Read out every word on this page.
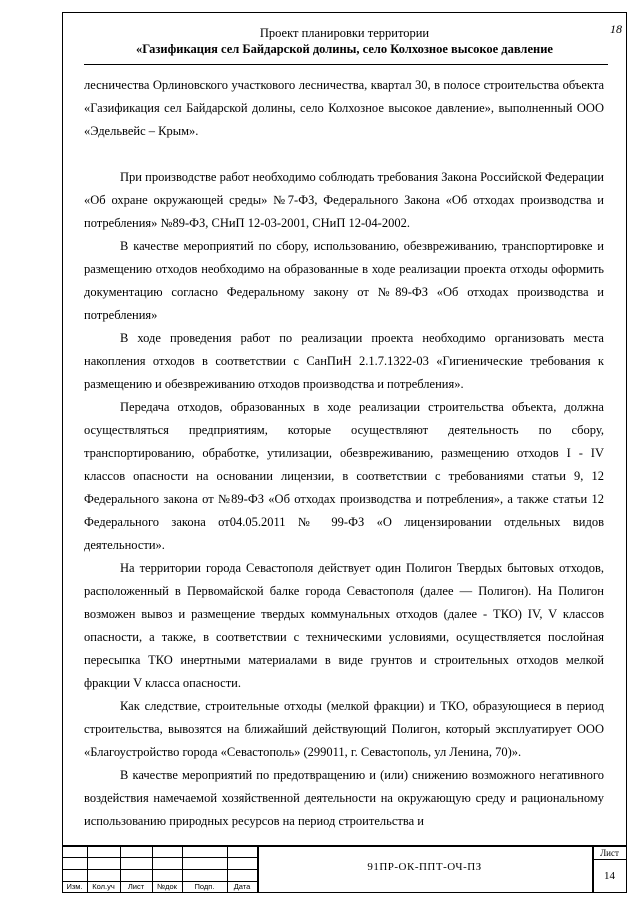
18
Проект планировки территории
«Газификация сел Байдарской долины, село Колхозное высокое давление

лесничества Орлиновского участкового лесничества, квартал 30, в полосе строительства объекта «Газификация сел Байдарской долины, село Колхозное высокое давление», выполненный ООО «Эдельвейс – Крым».

При производстве работ необходимо соблюдать требования Закона Российской Федерации «Об охране окружающей среды» №7-ФЗ, Федерального Закона «Об отходах производства и потребления» №89-ФЗ, СНиП 12-03-2001, СНиП 12-04-2002.

В качестве мероприятий по сбору, использованию, обезвреживанию, транспортировке и размещению отходов необходимо на образованные в ходе реализации проекта отходы оформить документацию согласно Федеральному закону от №89-ФЗ «Об отходах производства и потребления»

В ходе проведения работ по реализации проекта необходимо организовать места накопления отходов в соответствии с СанПиН 2.1.7.1322-03 «Гигиенические требования к размещению и обезвреживанию отходов производства и потребления».

Передача отходов, образованных в ходе реализации строительства объекта, должна осуществляться предприятиям, которые осуществляют деятельность по сбору, транспортированию, обработке, утилизации, обезвреживанию, размещению отходов I - IV классов опасности на основании лицензии, в соответствии с требованиями статьи 9, 12 Федерального закона от №89-ФЗ «Об отходах производства и потребления», а также статьи 12 Федерального закона от04.05.2011 № 99-ФЗ «О лицензировании отдельных видов деятельности».

На территории города Севастополя действует один Полигон Твердых бытовых отходов, расположенный в Первомайской балке города Севастополя (далее — Полигон). На Полигон возможен вывоз и размещение твердых коммунальных отходов (далее - ТКО) IV, V классов опасности, а также, в соответствии с техническими условиями, осуществляется послойная пересыпка ТКО инертными материалами в виде грунтов и строительных отходов мелкой фракции V класса опасности.

Как следствие, строительные отходы (мелкой фракции) и ТКО, образующиеся в период строительства, вывозятся на ближайший действующий Полигон, который эксплуатирует ООО «Благоустройство города «Севастополь» (299011, г. Севастополь, ул Ленина, 70)».

В качестве мероприятий по предотвращению и (или) снижению возможного негативного воздействия намечаемой хозяйственной деятельности на окружающую среду и рациональному использованию природных ресурсов на период строительства и

Изм.	Кол.уч	Лист	№док	Подп.	Дата
91ПР-ОК-ППТ-ОЧ-ПЗ
Лист
14
